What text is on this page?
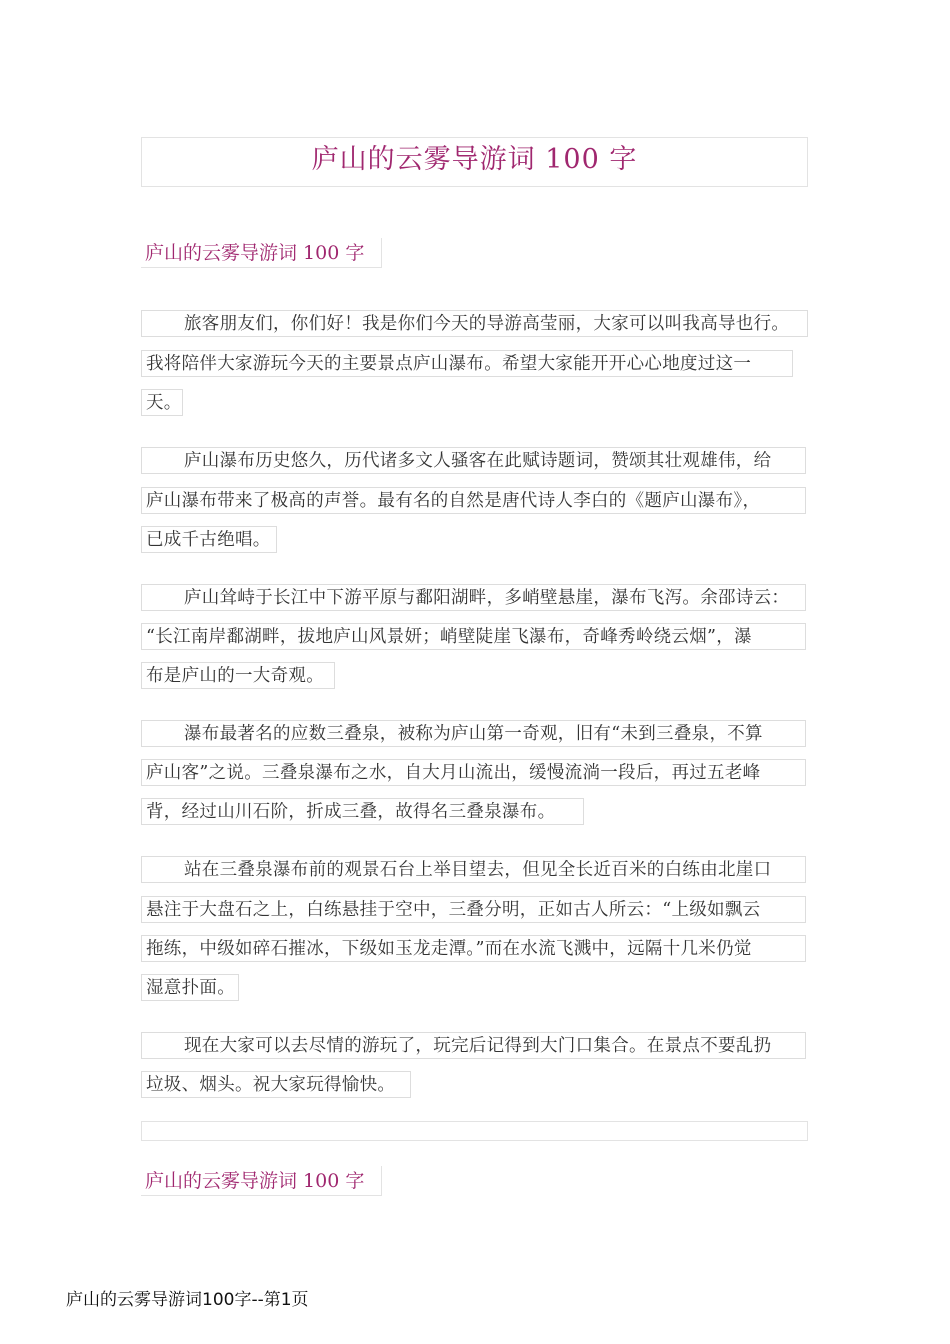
庐山的云雾导游词 100 字
庐山的云雾导游词 100 字
旅客朋友们，你们好！我是你们今天的导游高莹丽，大家可以叫我高导也行。
我将陪伴大家游玩今天的主要景点庐山瀑布。希望大家能开开心心地度过这一
天。
庐山瀑布历史悠久，历代诸多文人骚客在此赋诗题词，赞颂其壮观雄伟，给
庐山瀑布带来了极高的声誉。最有名的自然是唐代诗人李白的《题庐山瀑布》，
已成千古绝唱。
庐山耸峙于长江中下游平原与鄱阳湖畔，多峭壁悬崖，瀑布飞泻。余邵诗云：
“长江南岸鄱湖畔，拔地庐山风景妍；峭壁陡崖飞瀑布，奇峰秀岭绕云烟”，瀑
布是庐山的一大奇观。
瀑布最著名的应数三叠泉，被称为庐山第一奇观，旧有“未到三叠泉，不算
庐山客”之说。三叠泉瀑布之水，自大月山流出，缓慢流淌一段后，再过五老峰
背，经过山川石阶，折成三叠，故得名三叠泉瀑布。
站在三叠泉瀑布前的观景石台上举目望去，但见全长近百米的白练由北崖口
悬注于大盘石之上，白练悬挂于空中，三叠分明，正如古人所云：“上级如飘云
拖练，中级如碎石摧冰，下级如玉龙走潭。”而在水流飞溅中，远隔十几米仍觉
湿意扑面。
现在大家可以去尽情的游玩了，玩完后记得到大门口集合。在景点不要乱扔
垃圾、烟头。祝大家玩得愉快。
庐山的云雾导游词 100 字
庐山的云雾导游词100字--第1页
